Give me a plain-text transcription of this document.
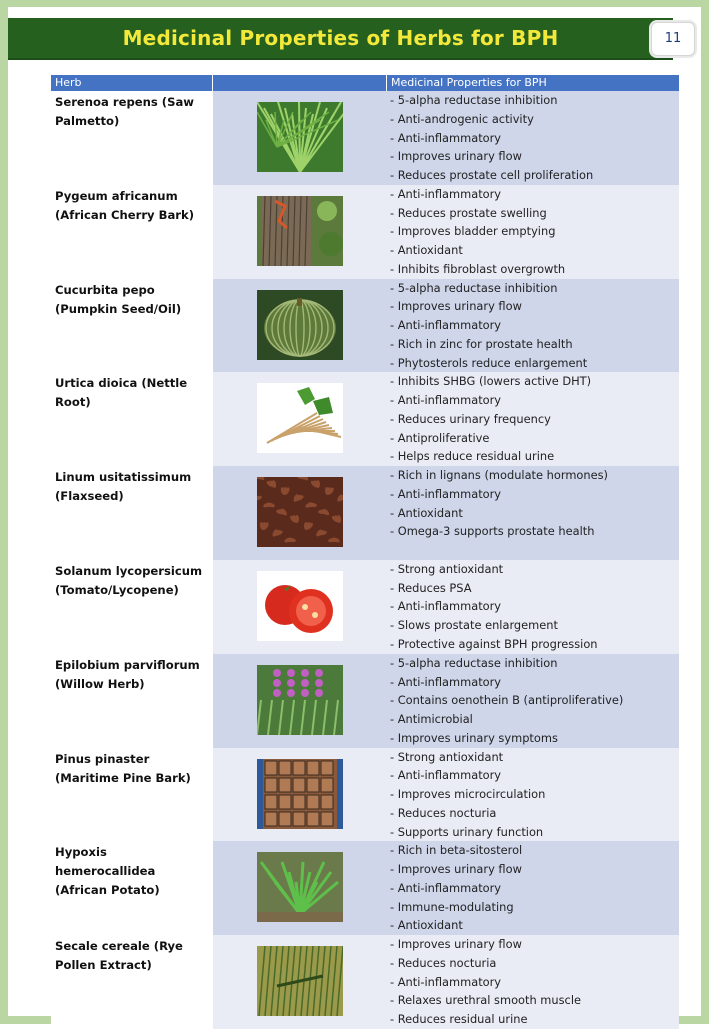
Medicinal Properties of Herbs for BPH	11
Herb	Medicinal Properties for BPH
Serenoa repens (Saw Palmetto)
- 5-alpha reductase inhibition
- Anti-androgenic activity
- Anti-inflammatory
- Improves urinary flow
- Reduces prostate cell proliferation
Pygeum africanum (African Cherry Bark)
- Anti-inflammatory
- Reduces prostate swelling
- Improves bladder emptying
- Antioxidant
- Inhibits fibroblast overgrowth
Cucurbita pepo (Pumpkin Seed/Oil)
- 5-alpha reductase inhibition
- Improves urinary flow
- Anti-inflammatory
- Rich in zinc for prostate health
- Phytosterols reduce enlargement
Urtica dioica (Nettle Root)
- Inhibits SHBG (lowers active DHT)
- Anti-inflammatory
- Reduces urinary frequency
- Antiproliferative
- Helps reduce residual urine
Linum usitatissimum (Flaxseed)
- Rich in lignans (modulate hormones)
- Anti-inflammatory
- Antioxidant
- Omega-3 supports prostate health
Solanum lycopersicum (Tomato/Lycopene)
- Strong antioxidant
- Reduces PSA
- Anti-inflammatory
- Slows prostate enlargement
- Protective against BPH progression
Epilobium parviflorum (Willow Herb)
- 5-alpha reductase inhibition
- Anti-inflammatory
- Contains oenothein B (antiproliferative)
- Antimicrobial
- Improves urinary symptoms
Pinus pinaster (Maritime Pine Bark)
- Strong antioxidant
- Anti-inflammatory
- Improves microcirculation
- Reduces nocturia
- Supports urinary function
Hypoxis hemerocallidea (African Potato)
- Rich in beta-sitosterol
- Improves urinary flow
- Anti-inflammatory
- Immune-modulating
- Antioxidant
Secale cereale (Rye Pollen Extract)
- Improves urinary flow
- Reduces nocturia
- Anti-inflammatory
- Relaxes urethral smooth muscle
- Reduces residual urine
